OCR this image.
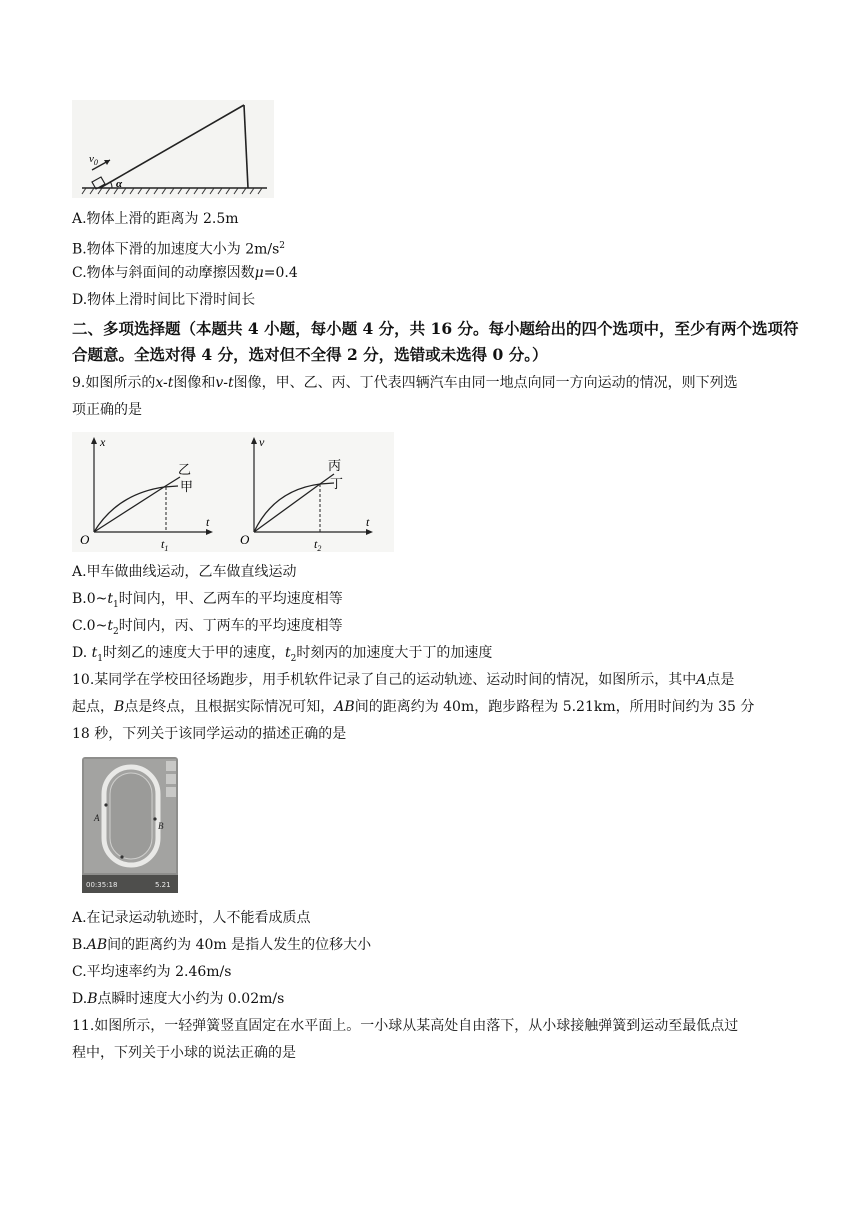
$v_0$
α
A.物体上滑的距离为 2.5m
B.物体下滑的加速度大小为 $2m/s^2$
C.物体与斜面间的动摩擦因数μ=0.4
D.物体上滑时间比下滑时间长
二、多项选择题（本题共 4 小题，每小题 4 分，共 16 分。每小题给出的四个选项中，至少有两个选项符合题意。全选对得 4 分，选对但不全得 2 分，选错或未选得 0 分。）
9.如图所示的x-t图像和v-t图像，甲、乙、丙、丁代表四辆汽车由同一地点向同一方向运动的情况，则下列选
项正确的是
x
t
O	$t_1$
乙
甲
v
t
O	$t_2$
丙
丁
A.甲车做曲线运动，乙车做直线运动
$B.0\sim t_1$时间内，甲、乙两车的平均速度相等
$C.0\sim t_2$时间内，丙、丁两车的平均速度相等
D. $t_1$时刻乙的速度大于甲的速度，$t_2$时刻丙的加速度大于丁的加速度
10.某同学在学校田径场跑步，用手机软件记录了自己的运动轨迹、运动时间的情况，如图所示，其中A点是
起点，B点是终点，且根据实际情况可知，AB间的距离约为 40m，跑步路程为 5.21km，所用时间约为 35 分
18 秒，下列关于该同学运动的描述正确的是
A
B
00:35:18	5.21
A.在记录运动轨迹时，人不能看成质点
B.AB间的距离约为 40m 是指人发生的位移大小
C.平均速率约为 2.46m/s
D.B点瞬时速度大小约为 0.02m/s
11.如图所示，一轻弹簧竖直固定在水平面上。一小球从某高处自由落下，从小球接触弹簧到运动至最低点过
程中，下列关于小球的说法正确的是
